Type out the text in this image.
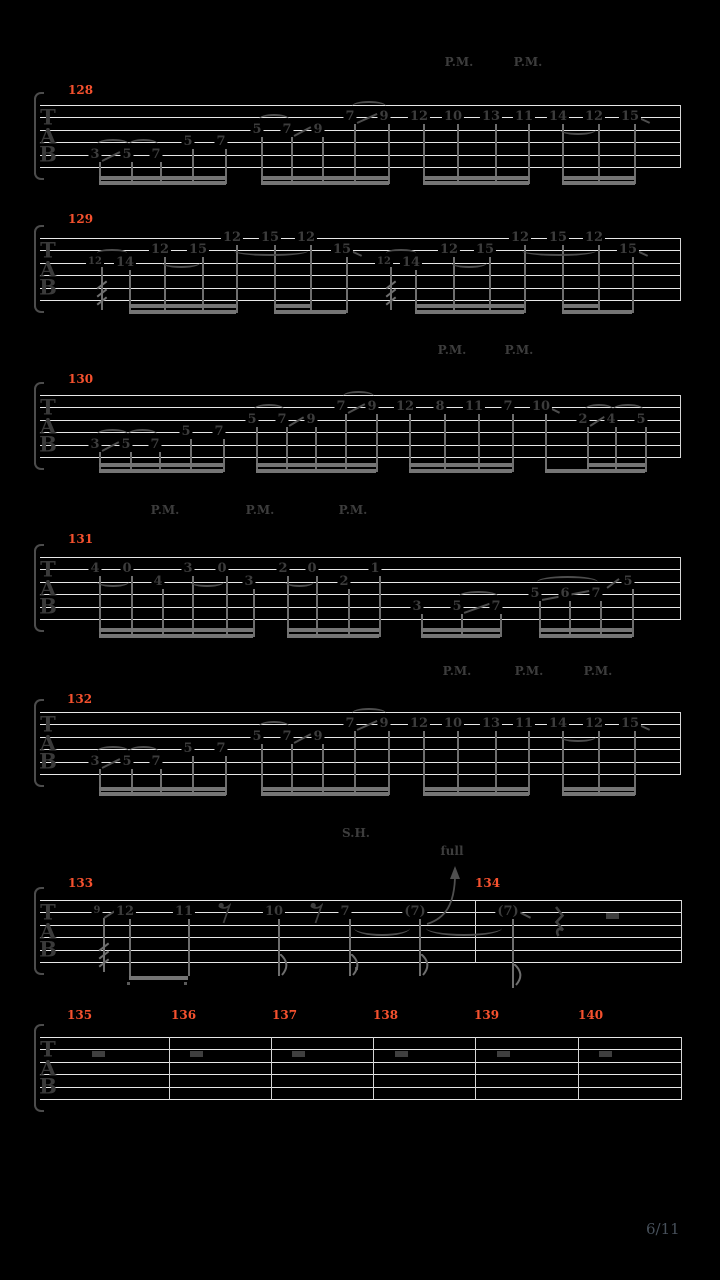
6/11
T
A
B
128
P.M.	P.M.
3 5 7
5 7
5 7 9
7 9 12 10 13 11 14 12 15
T
A
B
129
12 14
12 15
12 15 12
15
12 14
12 15
12 15 12
15
T
A
B
130
P.M.	P.M.
3 5 7
5 7
5 7 9
7 9 12 8 11 7 10
2 4 5
T
A
B
131
P.M.	P.M.	P.M.
4 0
4
3 0
3
2 0
2
1
3 5 7
5 6 7
5
T
A
B
132
P.M.	P.M.	P.M.
3 5 7
5 7
5 7 9
7 9 12 10 13 11 14 12 15
T
A
B
133	134
S.H.
full
9 12	11	10	7	(7)	(7)
T
A
B
135	136	137	138	139	140
